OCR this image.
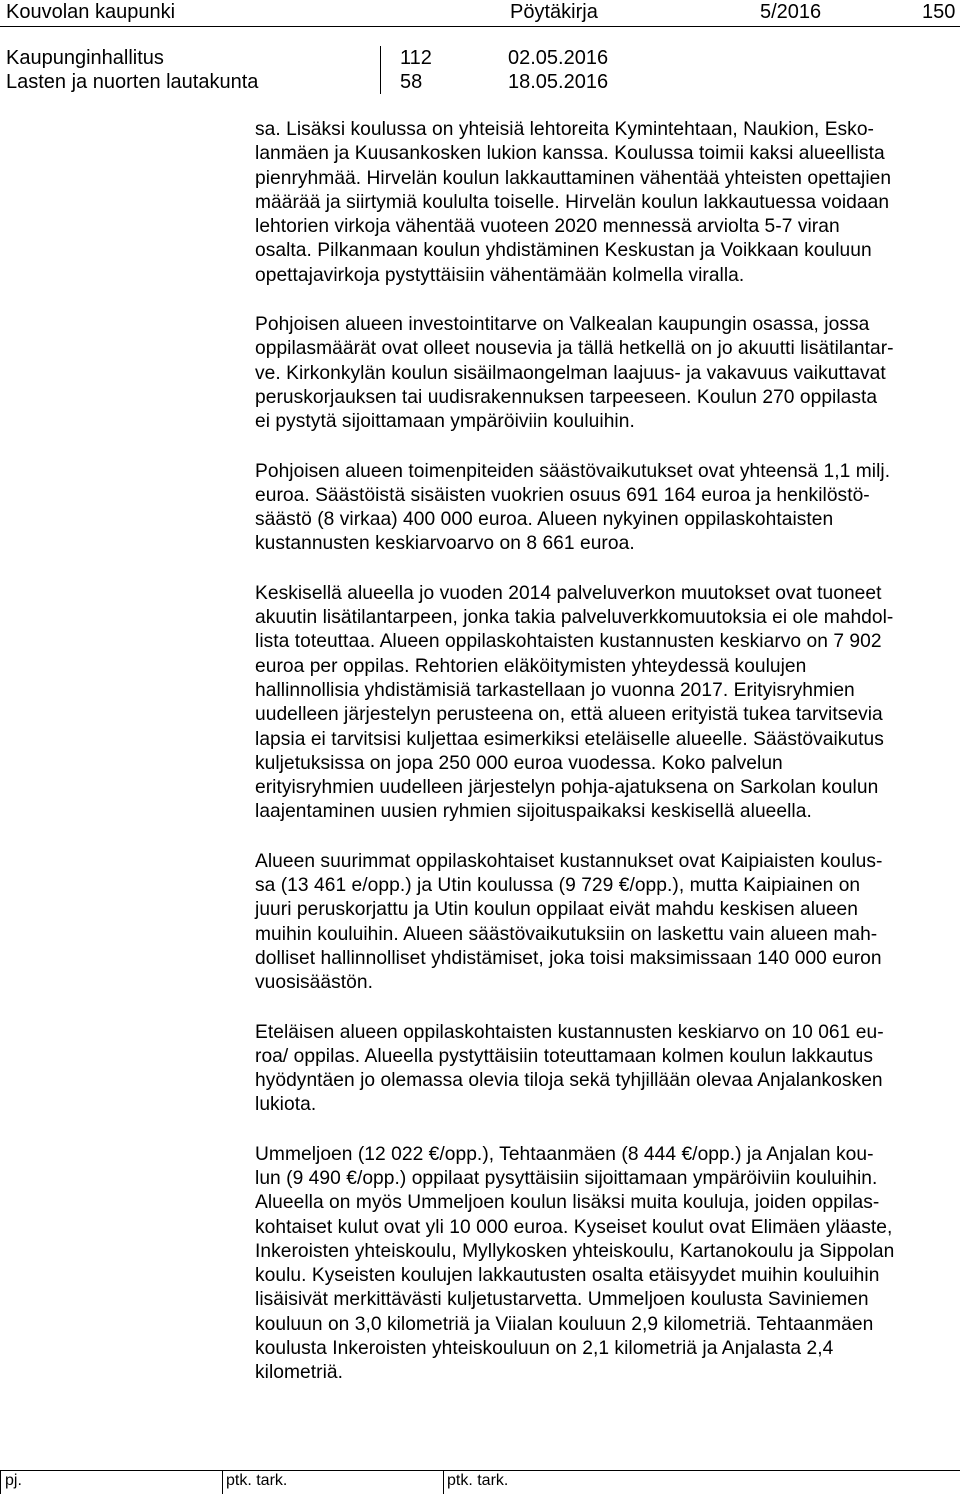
Kouvolan kaupunki	Pöytäkirja	5/2016	150
Kaupunginhallitus	112	02.05.2016
Lasten ja nuorten lautakunta	58	18.05.2016

sa. Lisäksi koulussa on yhteisiä lehtoreita Kymintehtaan, Naukion, Esko-
lanmäen ja Kuusankosken lukion kanssa. Koulussa toimii kaksi alueellista
pienryhmää. Hirvelän koulun lakkauttaminen vähentää yhteisten opettajien
määrää ja siirtymiä koululta toiselle. Hirvelän koulun lakkautuessa voidaan
lehtorien virkoja vähentää vuoteen 2020 mennessä arviolta 5-7 viran
osalta. Pilkanmaan koulun yhdistäminen Keskustan ja Voikkaan kouluun
opettajavirkoja pystyttäisiin vähentämään kolmella viralla.

Pohjoisen alueen investointitarve on Valkealan kaupungin osassa, jossa
oppilasmäärät ovat olleet nousevia ja tällä hetkellä on jo akuutti lisätilantar-
ve. Kirkonkylän koulun sisäilmaongelman laajuus- ja vakavuus vaikuttavat
peruskorjauksen tai uudisrakennuksen tarpeeseen. Koulun 270 oppilasta
ei pystytä sijoittamaan ympäröiviin kouluihin.

Pohjoisen alueen toimenpiteiden säästövaikutukset ovat yhteensä 1,1 milj.
euroa. Säästöistä sisäisten vuokrien osuus 691 164 euroa ja henkilöstö-
säästö (8 virkaa) 400 000 euroa. Alueen nykyinen oppilaskohtaisten
kustannusten keskiarvoarvo on 8 661 euroa.

Keskisellä alueella jo vuoden 2014 palveluverkon muutokset ovat tuoneet
akuutin lisätilantarpeen, jonka takia palveluverkkomuutoksia ei ole mahdol-
lista toteuttaa. Alueen oppilaskohtaisten kustannusten keskiarvo on 7 902
euroa per oppilas. Rehtorien eläköitymisten yhteydessä koulujen
hallinnollisia yhdistämisiä tarkastellaan jo vuonna 2017. Erityisryhmien
uudelleen järjestelyn perusteena on, että alueen erityistä tukea tarvitsevia
lapsia ei tarvitsisi kuljettaa esimerkiksi eteläiselle alueelle. Säästövaikutus
kuljetuksissa on jopa 250 000 euroa vuodessa. Koko palvelun
erityisryhmien uudelleen järjestelyn pohja-ajatuksena on Sarkolan koulun
laajentaminen uusien ryhmien sijoituspaikaksi keskisellä alueella.

Alueen suurimmat oppilaskohtaiset kustannukset ovat Kaipiaisten koulus-
sa (13 461 e/opp.) ja Utin koulussa (9 729 €/opp.), mutta Kaipiainen on
juuri peruskorjattu ja Utin koulun oppilaat eivät mahdu keskisen alueen
muihin kouluihin. Alueen säästövaikutuksiin on laskettu vain alueen mah-
dolliset hallinnolliset yhdistämiset, joka toisi maksimissaan 140 000 euron
vuosisäästön.

Eteläisen alueen oppilaskohtaisten kustannusten keskiarvo on 10 061 eu-
roa/ oppilas. Alueella pystyttäisiin toteuttamaan kolmen koulun lakkautus
hyödyntäen jo olemassa olevia tiloja sekä tyhjillään olevaa Anjalankosken
lukiota.

Ummeljoen (12 022 €/opp.), Tehtaanmäen (8 444 €/opp.) ja Anjalan kou-
lun (9 490 €/opp.) oppilaat pysyttäisiin sijoittamaan ympäröiviin kouluihin.
Alueella on myös Ummeljoen koulun lisäksi muita kouluja, joiden oppilas-
kohtaiset kulut ovat yli 10 000 euroa. Kyseiset koulut ovat Elimäen yläaste,
Inkeroisten yhteiskoulu, Myllykosken yhteiskoulu, Kartanokoulu ja Sippolan
koulu. Kyseisten koulujen lakkautusten osalta etäisyydet muihin kouluihin
lisäisivät merkittävästi kuljetustarvetta. Ummeljoen koulusta Saviniemen
kouluun on 3,0 kilometriä ja Viialan kouluun 2,9 kilometriä. Tehtaanmäen
koulusta Inkeroisten yhteiskouluun on 2,1 kilometriä ja Anjalasta 2,4
kilometriä.

pj.	ptk. tark.	ptk. tark.
